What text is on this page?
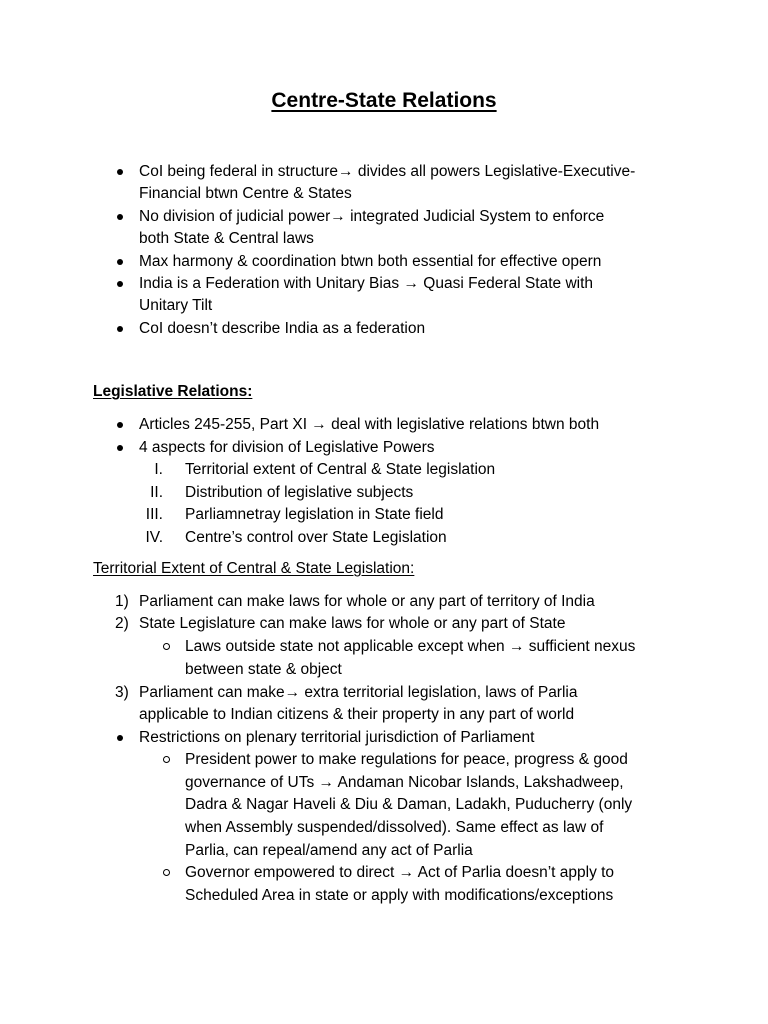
Centre-State Relations
CoI being federal in structure→ divides all powers Legislative-Executive-
Financial btwn Centre & States
No division of judicial power→ integrated Judicial System to enforce
both State & Central laws
Max harmony & coordination btwn both essential for effective opern
India is a Federation with Unitary Bias → Quasi Federal State with
Unitary Tilt
CoI doesn’t describe India as a federation
Legislative Relations:
Articles 245-255, Part XI → deal with legislative relations btwn both
4 aspects for division of Legislative Powers
I. Territorial extent of Central & State legislation
II. Distribution of legislative subjects
III. Parliamnetray legislation in State field
IV. Centre’s control over State Legislation
Territorial Extent of Central & State Legislation:
1) Parliament can make laws for whole or any part of territory of India
2) State Legislature can make laws for whole or any part of State
Laws outside state not applicable except when → sufficient nexus
between state & object
3) Parliament can make→ extra territorial legislation, laws of Parlia
applicable to Indian citizens & their property in any part of world
Restrictions on plenary territorial jurisdiction of Parliament
President power to make regulations for peace, progress & good
governance of UTs → Andaman Nicobar Islands, Lakshadweep,
Dadra & Nagar Haveli & Diu & Daman, Ladakh, Puducherry (only
when Assembly suspended/dissolved). Same effect as law of
Parlia, can repeal/amend any act of Parlia
Governor empowered to direct → Act of Parlia doesn’t apply to
Scheduled Area in state or apply with modifications/exceptions
